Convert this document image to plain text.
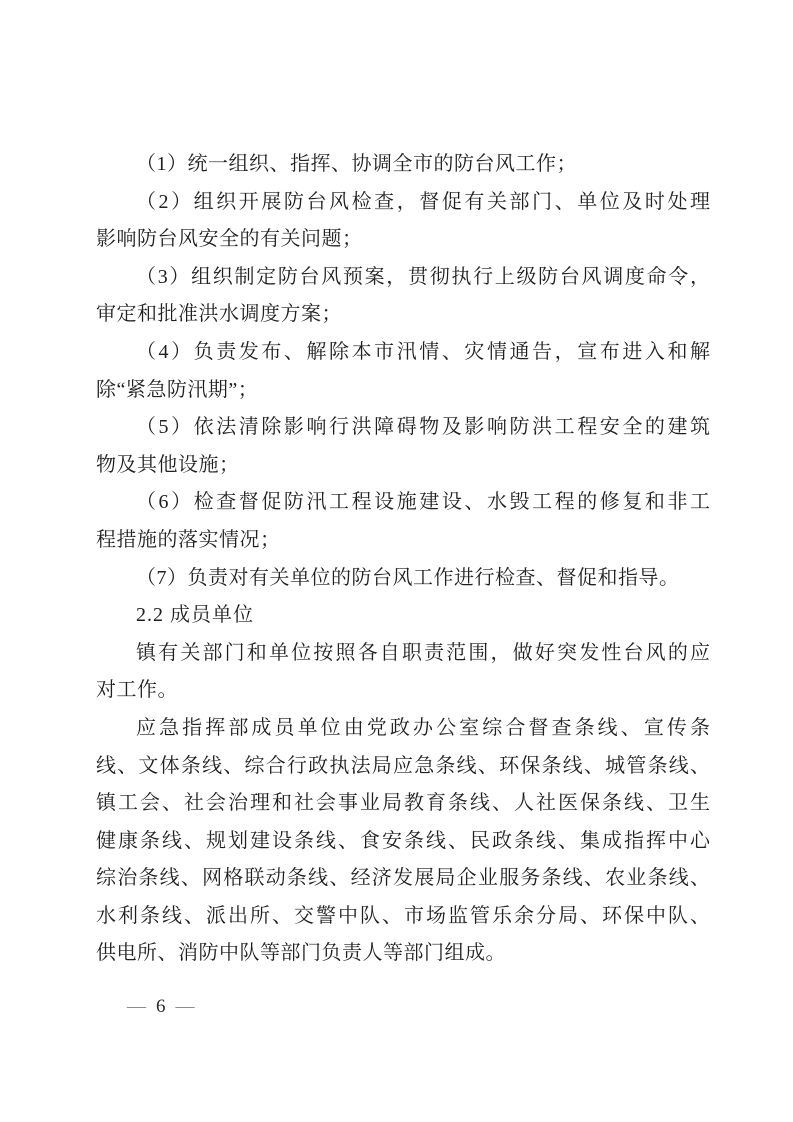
（1）统一组织、指挥、协调全市的防台风工作；
（2）组织开展防台风检查，督促有关部门、单位及时处理
影响防台风安全的有关问题；
（3）组织制定防台风预案，贯彻执行上级防台风调度命令，
审定和批准洪水调度方案；
（4）负责发布、解除本市汛情、灾情通告，宣布进入和解
除“紧急防汛期”；
（5）依法清除影响行洪障碍物及影响防洪工程安全的建筑
物及其他设施；
（6）检查督促防汛工程设施建设、水毁工程的修复和非工
程措施的落实情况；
（7）负责对有关单位的防台风工作进行检查、督促和指导。
2.2 成员单位
镇有关部门和单位按照各自职责范围，做好突发性台风的应
对工作。
应急指挥部成员单位由党政办公室综合督查条线、宣传条
线、文体条线、综合行政执法局应急条线、环保条线、城管条线、
镇工会、社会治理和社会事业局教育条线、人社医保条线、卫生
健康条线、规划建设条线、食安条线、民政条线、集成指挥中心
综治条线、网格联动条线、经济发展局企业服务条线、农业条线、
水利条线、派出所、交警中队、市场监管乐余分局、环保中队、
供电所、消防中队等部门负责人等部门组成。
— 6 —
